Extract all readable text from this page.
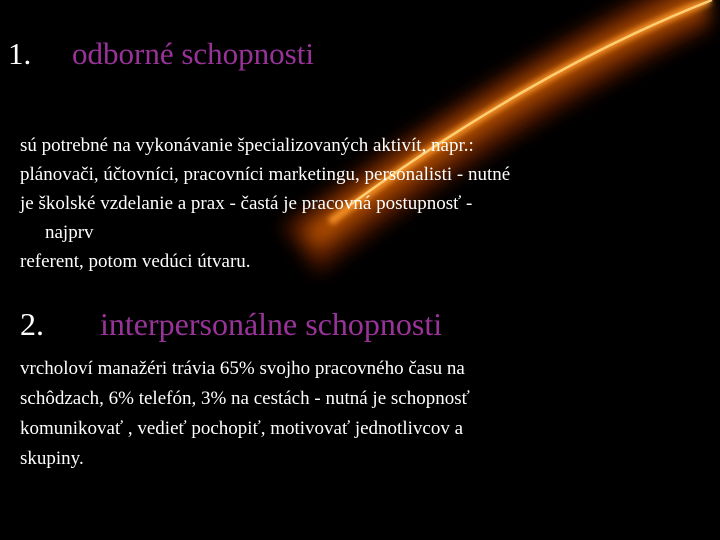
1. odborné schopnosti
sú potrebné na vykonávanie špecializovaných aktivít, napr.:
plánovači, účtovníci, pracovníci marketingu, personalisti - nutné
je školské vzdelanie a prax - častá je pracovná postupnosť -
najprv
referent, potom vedúci útvaru.
2. interpersonálne schopnosti
vrcholoví manažéri trávia 65% svojho pracovného času na
schôdzach, 6% telefón, 3% na cestách - nutná je schopnosť
komunikovať , vedieť pochopiť, motivovať jednotlivcov a
skupiny.
